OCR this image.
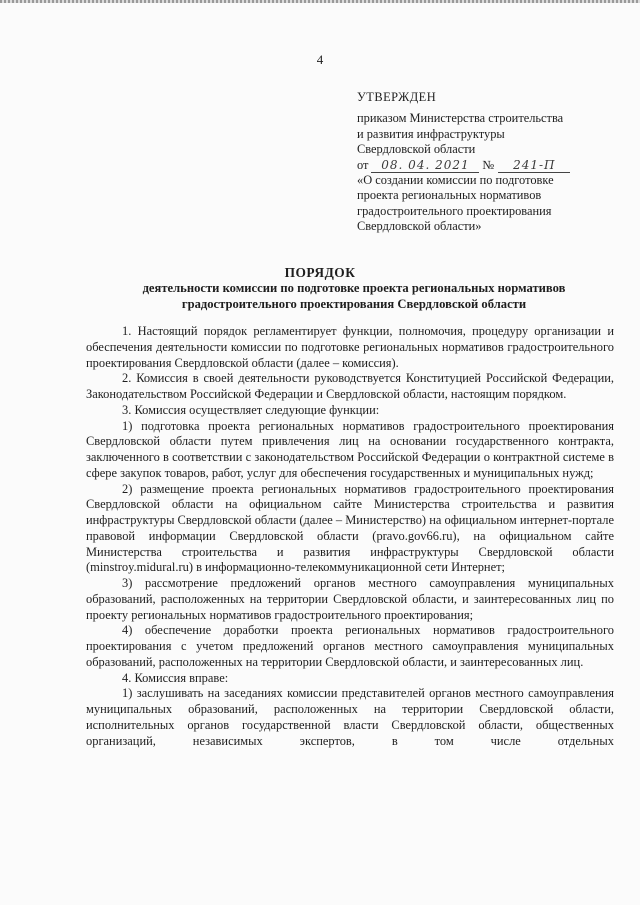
4
УТВЕРЖДЕН
приказом Министерства строительства
и развития инфраструктуры
Свердловской области
от 08. 04. 2021 № 241-П
«О создании комиссии по подготовке
проекта региональных нормативов
градостроительного проектирования
Свердловской области»
ПОРЯДОК
деятельности комиссии по подготовке проекта региональных нормативов
градостроительного проектирования Свердловской области

1. Настоящий порядок регламентирует функции, полномочия, процедуру организации и обеспечения деятельности комиссии по подготовке региональных нормативов градостроительного проектирования Свердловской области (далее – комиссия).

2. Комиссия в своей деятельности руководствуется Конституцией Российской Федерации, Законодательством Российской Федерации и Свердловской области, настоящим порядком.

3. Комиссия осуществляет следующие функции:

1) подготовка проекта региональных нормативов градостроительного проектирования Свердловской области путем привлечения лиц на основании государственного контракта, заключенного в соответствии с законодательством Российской Федерации о контрактной системе в сфере закупок товаров, работ, услуг для обеспечения государственных и муниципальных нужд;

2) размещение проекта региональных нормативов градостроительного проектирования Свердловской области на официальном сайте Министерства строительства и развития инфраструктуры Свердловской области (далее – Министерство) на официальном интернет-портале правовой информации Свердловской области (pravo.gov66.ru), на официальном сайте Министерства строительства и развития инфраструктуры Свердловской области (minstroy.midural.ru) в информационно-телекоммуникационной сети Интернет;

3) рассмотрение предложений органов местного самоуправления муниципальных образований, расположенных на территории Свердловской области, и заинтересованных лиц по проекту региональных нормативов градостроительного проектирования;

4) обеспечение доработки проекта региональных нормативов градостроительного проектирования с учетом предложений органов местного самоуправления муниципальных образований, расположенных на территории Свердловской области, и заинтересованных лиц.

4. Комиссия вправе:

1) заслушивать на заседаниях комиссии представителей органов местного самоуправления муниципальных образований, расположенных на территории Свердловской области, исполнительных органов государственной власти Свердловской области, общественных организаций, независимых экспертов, в том числе отдельных
